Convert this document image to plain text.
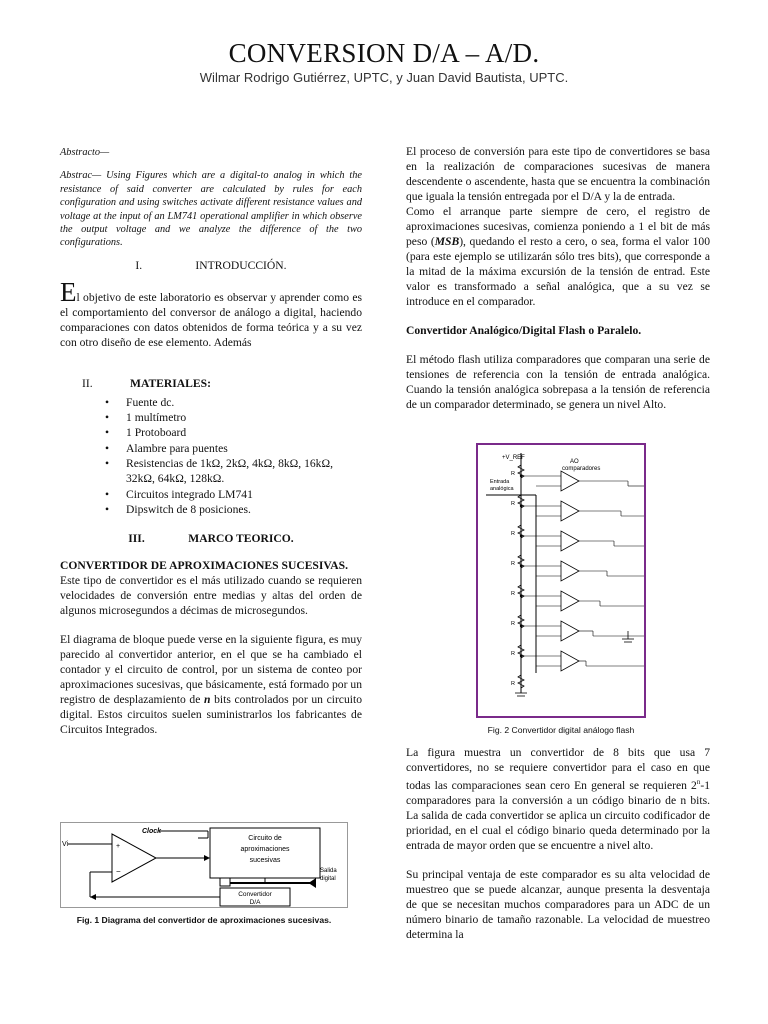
CONVERSION D/A – A/D.
Wilmar Rodrigo Gutiérrez, UPTC, y Juan David Bautista, UPTC.

Abstracto—

Abstrac— Using Figures which are a digital-to analog in which the resistance of said converter are calculated by rules for each configuration and using switches activate different resistance values and voltage at the input of an LM741 operational amplifier in which observe the output voltage and we analyze the difference of the two configurations.

I.	INTRODUCCIÓN.

El objetivo de este laboratorio es observar y aprender como es el comportamiento del conversor de análogo a digital, haciendo comparaciones con datos obtenidos de forma teórica y a su vez con otro diseño de ese elemento. Además

II.	MATERIALES:
• Fuente dc.
• 1 multímetro
• 1 Protoboard
• Alambre para puentes
• Resistencias de 1kΩ, 2kΩ, 4kΩ, 8kΩ, 16kΩ, 32kΩ, 64kΩ, 128kΩ.
• Circuitos integrado LM741
• Dipswitch de 8 posiciones.
III.	MARCO TEORICO.

CONVERTIDOR DE APROXIMACIONES SUCESIVAS.

Este tipo de convertidor es el más utilizado cuando se requieren velocidades de conversión entre medias y altas del orden de algunos microsegundos a décimas de microsegundos.

El diagrama de bloque puede verse en la siguiente figura, es muy parecido al convertidor anterior, en el que se ha cambiado el contador y el circuito de control, por un sistema de conteo por aproximaciones sucesivas, que básicamente, está formado por un registro de desplazamiento de n bits controlados por un circuito digital. Estos circuitos suelen suministrarlos los fabricantes de Circuitos Integrados.

Clock
Vi	+
−
Circuito de
aproximaciones
sucesivas
Salida
digital
Convertidor
D/A
Fig. 1 Diagrama del convertidor de aproximaciones sucesivas.

El proceso de conversión para este tipo de convertidores se basa en la realización de comparaciones sucesivas de manera descendente o ascendente, hasta que se encuentra la combinación que iguala la tensión entregada por el D/A y la de entrada.

Como el arranque parte siempre de cero, el registro de aproximaciones sucesivas, comienza poniendo a 1 el bit de más peso (MSB), quedando el resto a cero, o sea, forma el valor 100 (para este ejemplo se utilizarán sólo tres bits), que corresponde a la mitad de la máxima excursión de la tensión de entrad. Este valor es transformado a señal analógica, que a su vez se introduce en el comparador.

Convertidor Analógico/Digital Flash o Paralelo.

El método flash utiliza comparadores que comparan una serie de tensiones de referencia con la tensión de entrada analógica. Cuando la tensión analógica sobrepasa a la tensión de referencia de un comparador determinado, se genera un nivel Alto.

+V_REF
AO
comparadores
Entrada
analógica
R
R
R
R
R
R
R
R
Fig. 2 Convertidor digital análogo flash

La figura muestra un convertidor de 8 bits que usa 7 convertidores, no se requiere convertidor para el caso en que todas las comparaciones sean cero En general se requieren 2$^n$-1 comparadores para la conversión a un código binario de n bits. La salida de cada convertidor se aplica un circuito codificador de prioridad, en el cual el código binario queda determinado por la entrada de mayor orden que se encuentre a nivel alto.

Su principal ventaja de este comparador es su alta velocidad de muestreo que se puede alcanzar, aunque presenta la desventaja de que se necesitan muchos comparadores para un ADC de un número binario de tamaño razonable. La velocidad de muestreo determina la
